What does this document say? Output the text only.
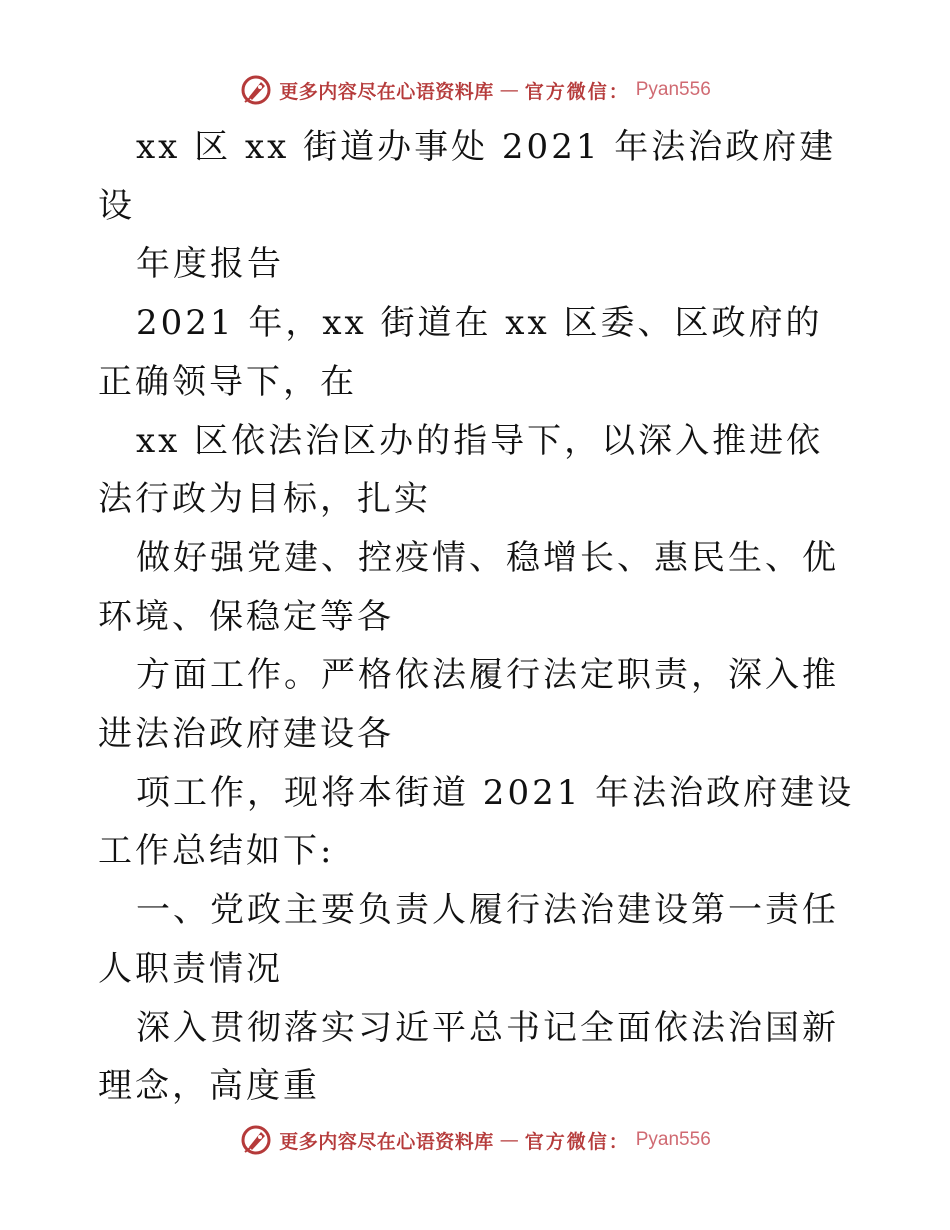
更多内容尽在心语资料库 — 官方微信： Pyan556

xx 区 xx 街道办事处 2021 年法治政府建设

年度报告

2021 年，xx 街道在 xx 区委、区政府的正确领导下，在

xx 区依法治区办的指导下，以深入推进依法行政为目标，扎实

做好强党建、控疫情、稳增长、惠民生、优环境、保稳定等各

方面工作。严格依法履行法定职责，深入推进法治政府建设各

项工作，现将本街道 2021 年法治政府建设工作总结如下:

一、党政主要负责人履行法治建设第一责任人职责情况

深入贯彻落实习近平总书记全面依法治国新理念，高度重

更多内容尽在心语资料库 — 官方微信： Pyan556
